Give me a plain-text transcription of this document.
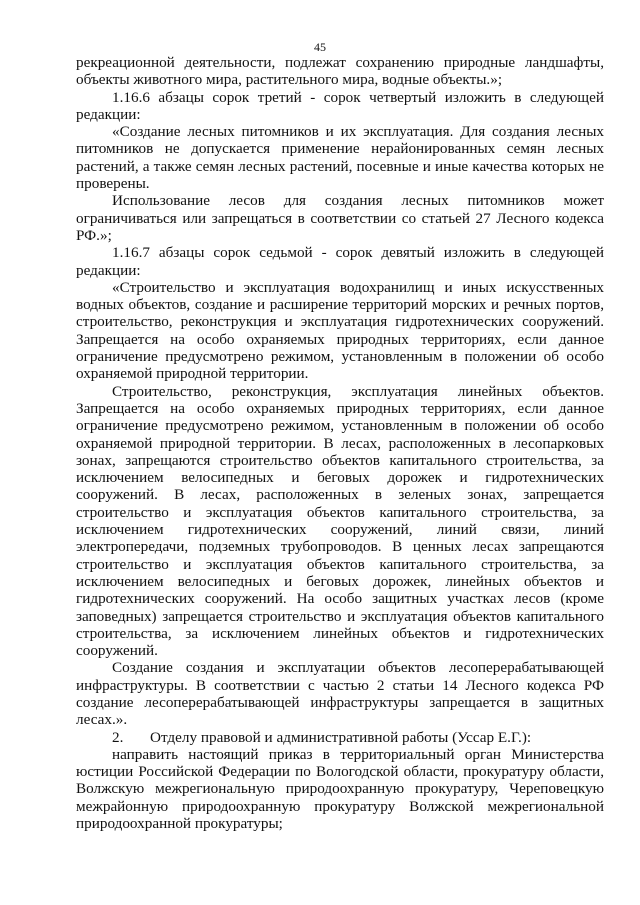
45

рекреационной деятельности, подлежат сохранению природные ландшафты, объекты животного мира, растительного мира, водные объекты.»;

1.16.6 абзацы сорок третий - сорок четвертый изложить в следующей редакции:

«Создание лесных питомников и их эксплуатация. Для создания лесных питомников не допускается применение нерайонированных семян лесных растений, а также семян лесных растений, посевные и иные качества которых не проверены.

Использование лесов для создания лесных питомников может ограничиваться или запрещаться в соответствии со статьей 27 Лесного кодекса РФ.»;

1.16.7 абзацы сорок седьмой - сорок девятый изложить в следующей редакции:

«Строительство и эксплуатация водохранилищ и иных искусственных водных объектов, создание и расширение территорий морских и речных портов, строительство, реконструкция и эксплуатация гидротехнических сооружений. Запрещается на особо охраняемых природных территориях, если данное ограничение предусмотрено режимом, установленным в положении об особо охраняемой природной территории.

Строительство, реконструкция, эксплуатация линейных объектов. Запрещается на особо охраняемых природных территориях, если данное ограничение предусмотрено режимом, установленным в положении об особо охраняемой природной территории. В лесах, расположенных в лесопарковых зонах, запрещаются строительство объектов капитального строительства, за исключением велосипедных и беговых дорожек и гидротехнических сооружений. В лесах, расположенных в зеленых зонах, запрещается строительство и эксплуатация объектов капитального строительства, за исключением гидротехнических сооружений, линий связи, линий электропередачи, подземных трубопроводов. В ценных лесах запрещаются строительство и эксплуатация объектов капитального строительства, за исключением велосипедных и беговых дорожек, линейных объектов и гидротехнических сооружений. На особо защитных участках лесов (кроме заповедных) запрещается строительство и эксплуатация объектов капитального строительства, за исключением линейных объектов и гидротехнических сооружений.

Создание создания и эксплуатации объектов лесоперерабатывающей инфраструктуры. В соответствии с частью 2 статьи 14 Лесного кодекса РФ создание лесоперерабатывающей инфраструктуры запрещается в защитных лесах.».

2. Отделу правовой и административной работы (Уссар Е.Г.):

направить настоящий приказ в территориальный орган Министерства юстиции Российской Федерации по Вологодской области, прокуратуру области, Волжскую межрегиональную природоохранную прокуратуру, Череповецкую межрайонную природоохранную прокуратуру Волжской межрегиональной природоохранной прокуратуры;
